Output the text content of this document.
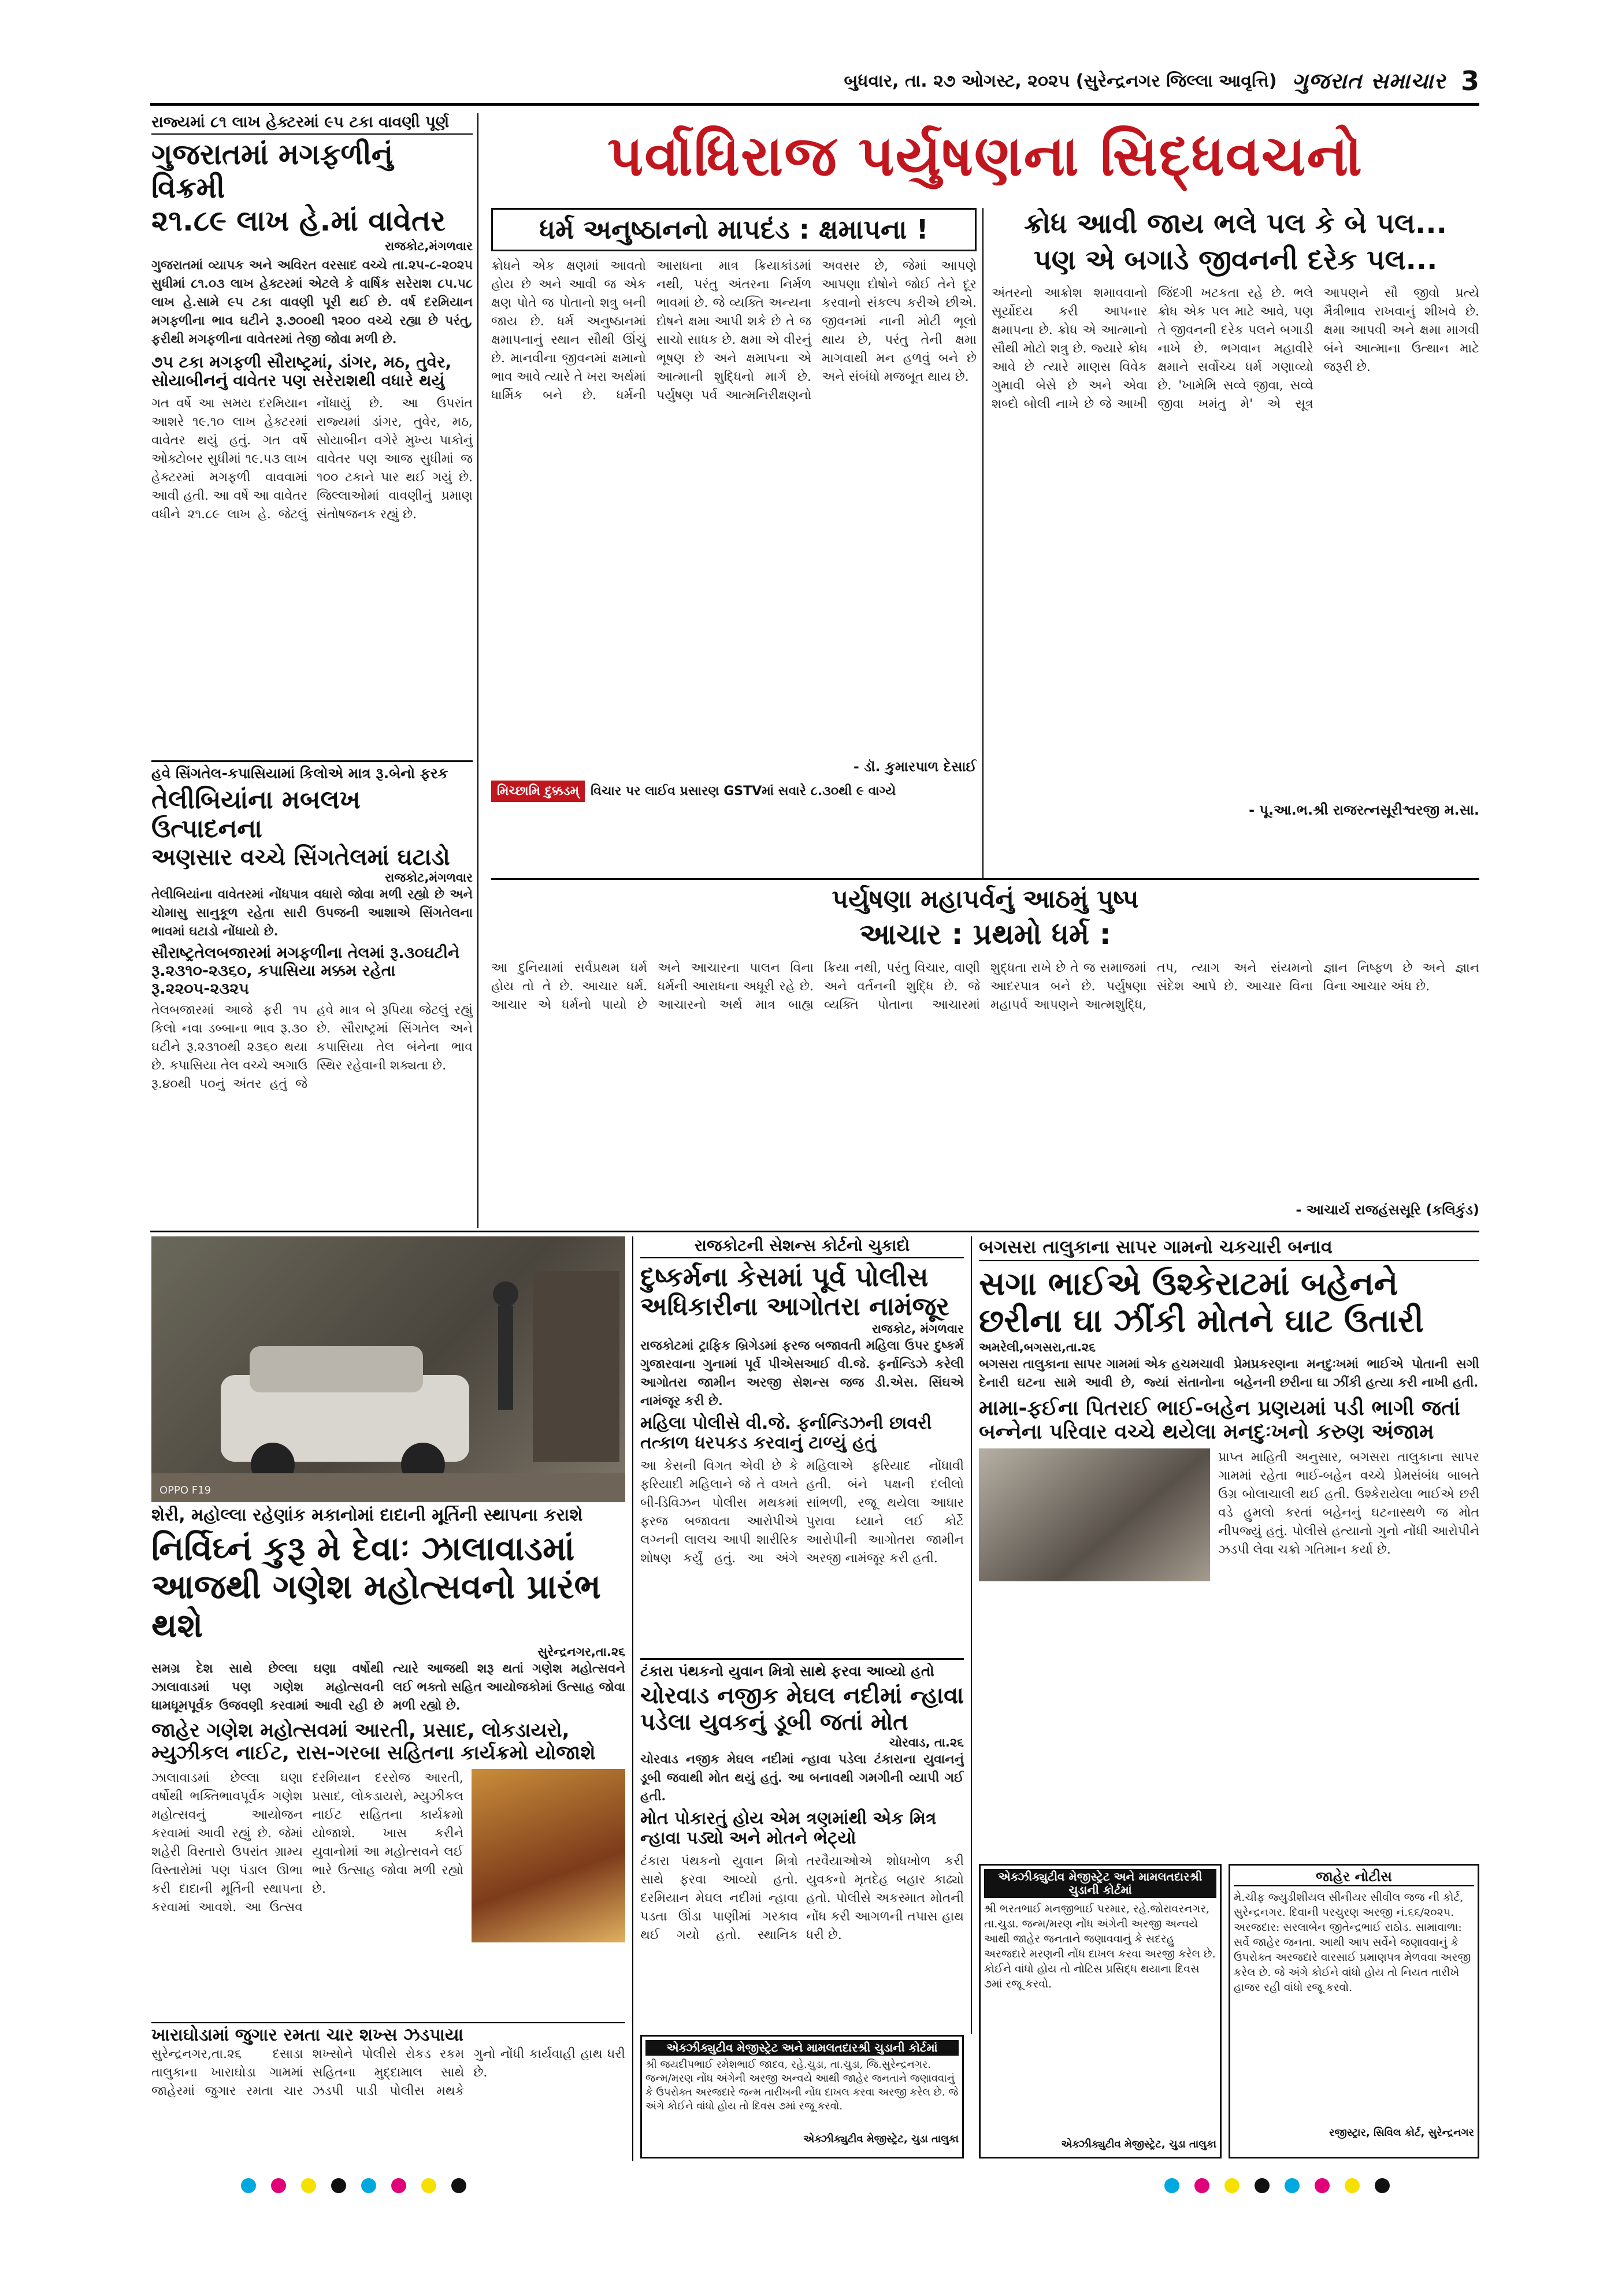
બુધવાર, તા. ૨૭ ઓગસ્ટ, ૨૦૨૫ (સુરેન્દ્રનગર જિલ્લા આવૃત્તિ) ગુજરાત સમાચાર 3
રાજ્યમાં ૮૧ લાખ હેક્ટરમાં ૯૫ ટકા વાવણી પૂર્ણ
ગુજરાતમાં મગફળીનું વિક્રમી
૨૧.૮૯ લાખ હે.માં વાવેતર
રાજકોટ,મંગળવાર
ગુજરાતમાં વ્યાપક અને અવિરત વરસાદ વચ્ચે તા.૨૫-૮-૨૦૨૫ સુધીમાં ૮૧.૦૩ લાખ હેક્ટરમાં એટલે કે વાર્ષિક સરેરાશ ૮૫.૫૮ લાખ હે.સામે ૯૫ ટકા વાવણી પૂરી થઈ છે. વર્ષ દરમિયાન મગફળીના ભાવ ઘટીને રૂ.૭૦૦થી ૧૨૦૦ વચ્ચે રહ્યા છે પરંતુ, ફરીથી મગફળીના વાવેતરમાં તેજી જોવા મળી છે.
૭૫ ટકા મગફળી સૌરાષ્ટ્રમાં, ડાંગર, મઠ, તુવેર, સોયાબીનનું વાવેતર પણ સરેરાશથી વધારે થયું
ગત વર્ષે આ સમય દરમિયાન આશરે ૧૯.૧૦ લાખ હેક્ટરમાં વાવેતર થયું હતું. ગત વર્ષે ઓક્ટોબર સુધીમાં ૧૯.૫૩ લાખ હેક્ટરમાં મગફળી વાવવામાં આવી હતી. આ વર્ષે આ વાવેતર વધીને ૨૧.૮૯ લાખ હે. જેટલું નોંધાયું છે. આ ઉપરાંત રાજ્યમાં ડાંગર, તુવેર, મઠ, સોયાબીન વગેરે મુખ્ય પાકોનું વાવેતર પણ આજ સુધીમાં જ ૧૦૦ ટકાને પાર થઈ ગયું છે. જિલ્લાઓમાં વાવણીનું પ્રમાણ સંતોષજનક રહ્યું છે.
હવે સિંગતેલ-કપાસિયામાં કિલોએ માત્ર રૂ.બેનો ફરક
તેલીબિયાંના મબલખ ઉત્પાદનના
અણસાર વચ્ચે સિંગતેલમાં ઘટાડો
રાજકોટ,મંગળવાર
તેલીબિયાંના વાવેતરમાં નોંધપાત્ર વધારો જોવા મળી રહ્યો છે અને ચોમાસુ સાનુકૂળ રહેતા સારી ઉપજની આશાએ સિંગતેલના ભાવમાં ઘટાડો નોંધાયો છે.
સૌરાષ્ટ્રતેલબજારમાં મગફળીના તેલમાં રૂ.૩૦ઘટીને રૂ.૨૩૧૦-૨૩૬૦, કપાસિયા મક્કમ રહેતા રૂ.૨૨૦૫-૨૩૨૫
તેલબજારમાં આજે ફરી ૧૫ કિલો નવા ડબ્બાના ભાવ રૂ.૩૦ ઘટીને રૂ.૨૩૧૦થી ૨૩૬૦ થયા છે. કપાસિયા તેલ વચ્ચે અગાઉ રૂ.૪૦થી ૫૦નું અંતર હતું જે હવે માત્ર બે રૂપિયા જેટલું રહ્યું છે. સૌરાષ્ટ્રમાં સિંગતેલ અને કપાસિયા તેલ બંનેના ભાવ સ્થિર રહેવાની શક્યતા છે.
પર્વાધિરાજ પર્યુષણના સિદ્ધવચનો
ધર્મ અનુષ્ઠાનનો માપદંડ : ક્ષમાપના !
ક્રોધને એક ક્ષણમાં આવતો હોય છે અને આવી જ એક ક્ષણ પોતે જ પોતાનો શત્રુ બની જાય છે. ધર્મ અનુષ્ઠાનમાં ક્ષમાપનાનું સ્થાન સૌથી ઊંચું છે. માનવીના જીવનમાં ક્ષમાનો ભાવ આવે ત્યારે તે ખરા અર્થમાં ધાર્મિક બને છે. ધર્મની આરાધના માત્ર ક્રિયાકાંડમાં નથી, પરંતુ અંતરના નિર્મળ ભાવમાં છે. જે વ્યક્તિ અન્યના દોષને ક્ષમા આપી શકે છે તે જ સાચો સાધક છે. ક્ષમા એ વીરનું ભૂષણ છે અને ક્ષમાપના એ આત્માની શુદ્ધિનો માર્ગ છે. પર્યુષણ પર્વ આત્મનિરીક્ષણનો અવસર છે, જેમાં આપણે આપણા દોષોને જોઈ તેને દૂર કરવાનો સંકલ્પ કરીએ છીએ. જીવનમાં નાની મોટી ભૂલો થાય છે, પરંતુ તેની ક્ષમા માગવાથી મન હળવું બને છે અને સંબંધો મજબૂત થાય છે.
- ડૉ. કુમારપાળ દેસાઈ
મિચ્છામિ દુક્કડમ્ વિચાર પર લાઈવ પ્રસારણ GSTVમાં સવારે ૮.૩૦થી ૯ વાગ્યે
ક્રોધ આવી જાય ભલે પલ કે બે પલ...
પણ એ બગાડે જીવનની દરેક પલ...
અંતરનો આક્રોશ શમાવવાનો સૂર્યોદય કરી આપનાર ક્ષમાપના છે. ક્રોધ એ આત્માનો સૌથી મોટો શત્રુ છે. જ્યારે ક્રોધ આવે છે ત્યારે માણસ વિવેક ગુમાવી બેસે છે અને એવા શબ્દો બોલી નાખે છે જે આખી જિંદગી ખટકતા રહે છે. ભલે ક્રોધ એક પલ માટે આવે, પણ તે જીવનની દરેક પલને બગાડી નાખે છે. ભગવાન મહાવીરે ક્ષમાને સર્વોચ્ચ ધર્મ ગણાવ્યો છે. 'ખામેમિ સવ્વે જીવા, સવ્વે જીવા ખમંતુ મે' એ સૂત્ર આપણને સૌ જીવો પ્રત્યે મૈત્રીભાવ રાખવાનું શીખવે છે. ક્ષમા આપવી અને ક્ષમા માગવી બંને આત્માના ઉત્થાન માટે જરૂરી છે.
- પૂ.આ.ભ.શ્રી રાજરત્નસૂરીશ્વરજી મ.સા.
પર્યુષણા મહાપર્વનું આઠમું પુષ્પ
આચાર : પ્રથમો ધર્મ :
આ દુનિયામાં સર્વપ્રથમ ધર્મ હોય તો તે છે. આચાર ધર્મ. આચાર એ ધર્મનો પાયો છે અને આચારના પાલન વિના ધર્મની આરાધના અધૂરી રહે છે. આચારનો અર્થ માત્ર બાહ્ય ક્રિયા નથી, પરંતુ વિચાર, વાણી અને વર્તનની શુદ્ધિ છે. જે વ્યક્તિ પોતાના આચારમાં શુદ્ધતા રાખે છે તે જ સમાજમાં આદરપાત્ર બને છે. પર્યુષણા મહાપર્વ આપણને આત્મશુદ્ધિ, તપ, ત્યાગ અને સંયમનો સંદેશ આપે છે. આચાર વિના જ્ઞાન નિષ્ફળ છે અને જ્ઞાન વિના આચાર અંધ છે.
- આચાર્ય રાજહંસસૂરિ (કલિકુંડ)
OPPO F19
શેરી, મહોલ્લા રહેણાંક મકાનોમાં દાદાની મૂર્તિની સ્થાપના કરાશે
નિર્વિઘ્નં કુરૂ મે દેવાઃ ઝાલાવાડમાં
આજથી ગણેશ મહોત્સવનો પ્રારંભ થશે
સુરેન્દ્રનગર,તા.૨૬
સમગ્ર દેશ સાથે છેલ્લા ઘણા વર્ષોથી ઝાલાવાડમાં પણ ગણેશ મહોત્સવની ધામધૂમપૂર્વક ઉજવણી કરવામાં આવી રહી છે ત્યારે આજથી શરૂ થતાં ગણેશ મહોત્સવને લઈ ભક્તો સહિત આયોજકોમાં ઉત્સાહ જોવા મળી રહ્યો છે.
જાહેર ગણેશ મહોત્સવમાં આરતી, પ્રસાદ, લોકડાયરો, મ્યુઝીકલ નાઈટ, રાસ-ગરબા સહિતના કાર્યક્રમો યોજાશે
ઝાલાવાડમાં છેલ્લા ઘણા વર્ષોથી ભક્તિભાવપૂર્વક ગણેશ મહોત્સવનું આયોજન કરવામાં આવી રહ્યું છે. જેમાં શહેરી વિસ્તારો ઉપરાંત ગ્રામ્ય વિસ્તારોમાં પણ પંડાલ ઊભા કરી દાદાની મૂર્તિની સ્થાપના કરવામાં આવશે. આ ઉત્સવ દરમિયાન દરરોજ આરતી, પ્રસાદ, લોકડાયરો, મ્યુઝીકલ નાઈટ સહિતના કાર્યક્રમો યોજાશે. ખાસ કરીને યુવાનોમાં આ મહોત્સવને લઈ ભારે ઉત્સાહ જોવા મળી રહ્યો છે.
ખારાઘોડામાં જુગાર રમતા ચાર શખ્સ ઝડપાયા
સુરેન્દ્રનગર,તા.૨૬ દસાડા તાલુકાના ખારાઘોડા ગામમાં જાહેરમાં જુગાર રમતા ચાર શખ્સોને પોલીસે રોકડ રકમ સહિતના મુદ્દામાલ સાથે ઝડપી પાડી પોલીસ મથકે ગુનો નોંધી કાર્યવાહી હાથ ધરી છે.
રાજકોટની સેશન્સ કોર્ટનો ચુકાદો
દુષ્કર્મના કેસમાં પૂર્વ પોલીસ
અધિકારીના આગોતરા નામંજૂર
રાજકોટ, મંગળવાર
રાજકોટમાં ટ્રાફિક બ્રિગેડમાં ફરજ બજાવતી મહિલા ઉપર દુષ્કર્મ ગુજારવાના ગુનામાં પૂર્વ પીએસઆઈ વી.જે. ફર્નાન્ડિઝે કરેલી આગોતરા જામીન અરજી સેશન્સ જજ ડી.એસ. સિંઘએ નામંજૂર કરી છે.
મહિલા પોલીસે વી.જે. ફર્નાન્ડિઝની છાવરી તત્કાળ ધરપકડ કરવાનું ટાળ્યું હતું
આ કેસની વિગત એવી છે કે ફરિયાદી મહિલાને જે તે વખતે બી-ડિવિઝન પોલીસ મથકમાં ફરજ બજાવતા આરોપીએ લગ્નની લાલચ આપી શારીરિક શોષણ કર્યું હતું. આ અંગે મહિલાએ ફરિયાદ નોંધાવી હતી. બંને પક્ષની દલીલો સાંભળી, રજૂ થયેલા આધાર પુરાવા ધ્યાને લઈ કોર્ટે આરોપીની આગોતરા જામીન અરજી નામંજૂર કરી હતી.
ટંકારા પંથકનો યુવાન મિત્રો સાથે ફરવા આવ્યો હતો
ચોરવાડ નજીક મેઘલ નદીમાં ન્હાવા
પડેલા યુવકનું ડૂબી જતાં મોત
ચોરવાડ, તા.૨૬
ચોરવાડ નજીક મેઘલ નદીમાં ન્હાવા પડેલા ટંકારાના યુવાનનું ડૂબી જવાથી મોત થયું હતું. આ બનાવથી ગમગીની વ્યાપી ગઈ હતી.
મોત પોકારતું હોય એમ ત્રણમાંથી એક મિત્ર ન્હાવા પડ્યો અને મોતને ભેટ્યો
ટંકારા પંથકનો યુવાન મિત્રો સાથે ફરવા આવ્યો હતો. દરમિયાન મેઘલ નદીમાં ન્હાવા પડતા ઊંડા પાણીમાં ગરકાવ થઈ ગયો હતો. સ્થાનિક તરવૈયાઓએ શોધખોળ કરી યુવકનો મૃતદેહ બહાર કાઢ્યો હતો. પોલીસે અકસ્માત મોતની નોંધ કરી આગળની તપાસ હાથ ધરી છે.
બગસરા તાલુકાના સાપર ગામનો ચકચારી બનાવ
સગા ભાઈએ ઉશ્કેરાટમાં બહેનને
છરીના ઘા ઝીંકી મોતને ઘાટ ઉતારી
અમરેલી,બગસરા,તા.૨૬
બગસરા તાલુકાના સાપર ગામમાં એક હચમચાવી દેનારી ઘટના સામે આવી છે, જ્યાં સંતાનોના પ્રેમપ્રકરણના મનદુઃખમાં ભાઈએ પોતાની સગી બહેનની છરીના ઘા ઝીંકી હત્યા કરી નાખી હતી.
મામા-ફઈના પિતરાઈ ભાઈ-બહેન પ્રણયમાં પડી ભાગી જતાં બન્નેના પરિવાર વચ્ચે થયેલા મનદુઃખનો કરુણ અંજામ
પ્રાપ્ત માહિતી અનુસાર, બગસરા તાલુકાના સાપર ગામમાં રહેતા ભાઈ-બહેન વચ્ચે પ્રેમસંબંધ બાબતે ઉગ્ર બોલાચાલી થઈ હતી. ઉશ્કેરાયેલા ભાઈએ છરી વડે હુમલો કરતાં બહેનનું ઘટનાસ્થળે જ મોત નીપજ્યું હતું. પોલીસે હત્યાનો ગુનો નોંધી આરોપીને ઝડપી લેવા ચક્રો ગતિમાન કર્યા છે.
એક્ઝીક્યુટીવ મેજીસ્ટ્રેટ અને મામલતદારશ્રી ચુડાની કોર્ટમાં
શ્રી જયદીપભાઈ રમેશભાઈ જાદવ, રહે.ચુડા, તા.ચુડા, જિ.સુરેન્દ્રનગર. જન્મ/મરણ નોંધ અંગેની અરજી અન્વયે આથી જાહેર જનતાને જણાવવાનું કે ઉપરોક્ત અરજદારે જન્મ તારીખની નોંધ દાખલ કરવા અરજી કરેલ છે. જે અંગે કોઈને વાંધો હોય તો દિવસ ૭માં રજૂ કરવો.
એક્ઝીક્યુટીવ મેજીસ્ટ્રેટ, ચુડા તાલુકા
એક્ઝીક્યુટીવ મેજીસ્ટ્રેટ અને મામલતદારશ્રી ચુડાની કોર્ટમાં
શ્રી ભરતભાઈ મનજીભાઈ પરમાર, રહે.જોરાવરનગર, તા.ચુડા. જન્મ/મરણ નોંધ અંગેની અરજી અન્વયે આથી જાહેર જનતાને જણાવવાનું કે સદરહુ અરજદારે મરણની નોંધ દાખલ કરવા અરજી કરેલ છે. કોઈને વાંધો હોય તો નોટિસ પ્રસિદ્ધ થયાના દિવસ ૭માં રજૂ કરવો.
એક્ઝીક્યુટીવ મેજીસ્ટ્રેટ, ચુડા તાલુકા
જાહેર નોટીસ
મે.ચીફ જ્યુડીશીયલ સીનીયર સીવીલ જજ ની કોર્ટ, સુરેન્દ્રનગર. દિવાની પરચુરણ અરજી નં.૬૬/૨૦૨૫. અરજદાર: સરલાબેન જીતેન્દ્રભાઈ રાઠોડ. સામાવાળા: સર્વે જાહેર જનતા. આથી આપ સર્વેને જણાવવાનું કે ઉપરોક્ત અરજદારે વારસાઈ પ્રમાણપત્ર મેળવવા અરજી કરેલ છે. જે અંગે કોઈને વાંધો હોય તો નિયત તારીખે હાજર રહી વાંધો રજૂ કરવો.
રજીસ્ટ્રાર, સિવિલ કોર્ટ, સુરેન્દ્રનગર
